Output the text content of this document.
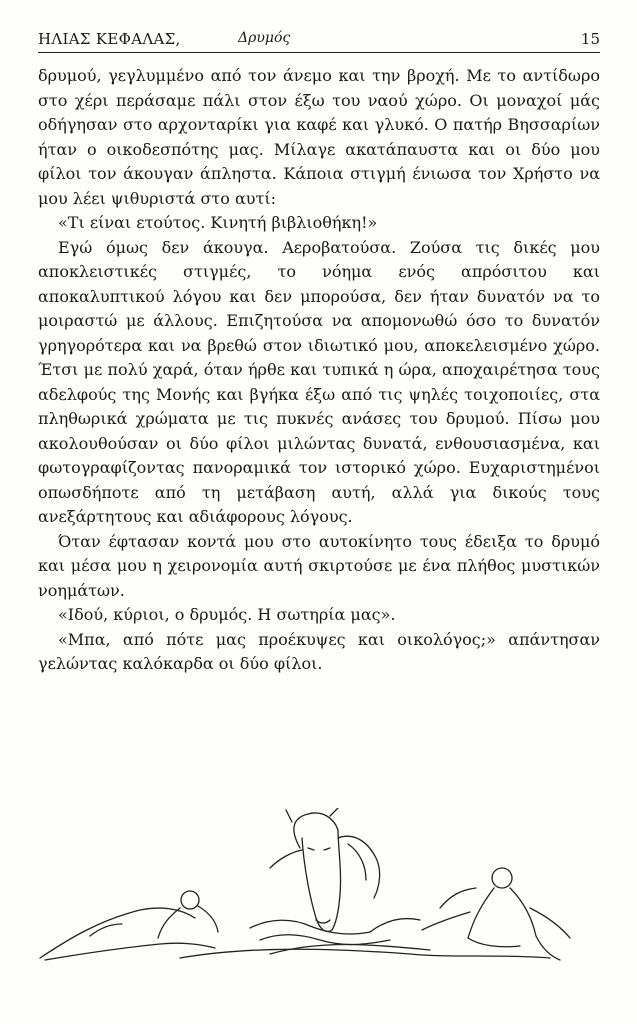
ΗΛΙΑΣ ΚΕΦΑΛΑΣ,	Δρυμός	15

δρυμού, γεγλυμμένο από τον άνεμο και την βροχή. Με το αντίδωρο στο χέρι περάσαμε πάλι στον έξω του ναού χώρο. Οι μοναχοί μάς οδήγησαν στο αρχονταρίκι για καφέ και γλυκό. Ο πατήρ Βησσαρίων ήταν ο οικοδεσπότης μας. Μίλαγε ακατάπαυστα και οι δύο μου φίλοι τον άκουγαν άπληστα. Κάποια στιγμή ένιωσα τον Χρήστο να μου λέει ψιθυριστά στο αυτί:

«Τι είναι ετούτος. Κινητή βιβλιοθήκη!»

Εγώ όμως δεν άκουγα. Αεροβατούσα. Ζούσα τις δικές μου αποκλειστικές στιγμές, το νόημα ενός απρόσιτου και αποκαλυπτικού λόγου και δεν μπορούσα, δεν ήταν δυνατόν να το μοιραστώ με άλλους. Επιζητούσα να απομονωθώ όσο το δυνατόν γρηγορότερα και να βρεθώ στον ιδιωτικό μου, αποκελεισμένο χώρο. Έτσι με πολύ χαρά, όταν ήρθε και τυπικά η ώρα, αποχαιρέτησα τους αδελφούς της Μονής και βγήκα έξω από τις ψηλές τοιχοποιίες, στα πληθωρικά χρώματα με τις πυκνές ανάσες του δρυμού. Πίσω μου ακολουθούσαν οι δύο φίλοι μιλώντας δυνατά, ενθουσιασμένα, και φωτογραφίζοντας πανοραμικά τον ιστορικό χώρο. Ευχαριστημένοι οπωσδήποτε από τη μετάβαση αυτή, αλλά για δικούς τους ανεξάρτητους και αδιάφορους λόγους.

Όταν έφτασαν κοντά μου στο αυτοκίνητο τους έδειξα το δρυμό και μέσα μου η χειρονομία αυτή σκιρτούσε με ένα πλήθος μυστικών νοημάτων.

«Ιδού, κύριοι, ο δρυμός. Η σωτηρία μας».

«Μπα, από πότε μας προέκυψες και οικολόγος;» απάντησαν γελώντας καλόκαρδα οι δύο φίλοι.
